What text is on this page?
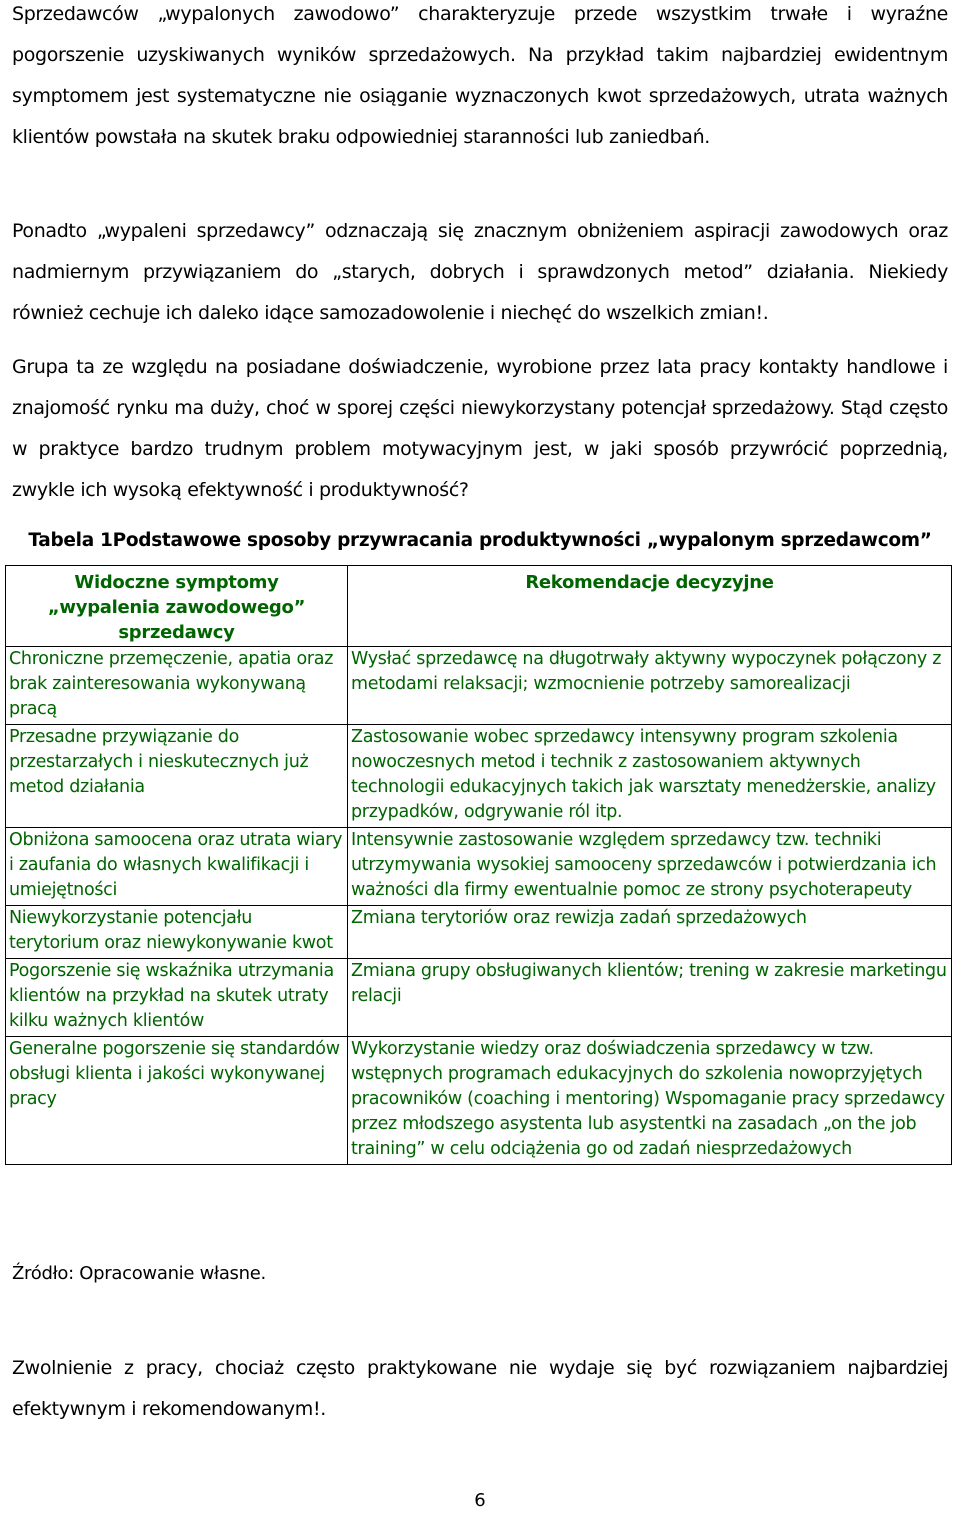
Sprzedawców „wypalonych zawodowo” charakteryzuje przede wszystkim trwałe i wyraźne pogorszenie uzyskiwanych wyników sprzedażowych. Na przykład takim najbardziej ewidentnym symptomem jest systematyczne nie osiąganie wyznaczonych kwot sprzedażowych, utrata ważnych klientów powstała na skutek braku odpowiedniej staranności lub zaniedbań.

Ponadto „wypaleni sprzedawcy” odznaczają się znacznym obniżeniem aspiracji zawodowych oraz nadmiernym przywiązaniem do „starych, dobrych i sprawdzonych metod” działania. Niekiedy również cechuje ich daleko idące samozadowolenie i niechęć do wszelkich zmian!.

Grupa ta ze względu na posiadane doświadczenie, wyrobione przez lata pracy kontakty handlowe i znajomość rynku ma duży, choć w sporej części niewykorzystany potencjał sprzedażowy. Stąd często w praktyce bardzo trudnym problem motywacyjnym jest, w jaki sposób przywrócić poprzednią, zwykle ich wysoką efektywność i produktywność?

Tabela 1Podstawowe sposoby przywracania produktywności „wypalonym sprzedawcom”

Widoczne symptomy „wypalenia zawodowego” sprzedawcy	Rekomendacje decyzyjne
Chroniczne przemęczenie, apatia oraz brak zainteresowania wykonywaną pracą	Wysłać sprzedawcę na długotrwały aktywny wypoczynek połączony z metodami relaksacji; wzmocnienie potrzeby samorealizacji
Przesadne przywiązanie do przestarzałych i nieskutecznych już metod działania	Zastosowanie wobec sprzedawcy intensywny program szkolenia nowoczesnych metod i technik z zastosowaniem aktywnych technologii edukacyjnych takich jak warsztaty menedżerskie, analizy przypadków, odgrywanie ról itp.
Obniżona samoocena oraz utrata wiary i zaufania do własnych kwalifikacji i umiejętności	Intensywnie zastosowanie względem sprzedawcy tzw. techniki utrzymywania wysokiej samooceny sprzedawców i potwierdzania ich ważności dla firmy ewentualnie pomoc ze strony psychoterapeuty
Niewykorzystanie potencjału terytorium oraz niewykonywanie kwot	Zmiana terytoriów oraz rewizja zadań sprzedażowych
Pogorszenie się wskaźnika utrzymania klientów na przykład na skutek utraty kilku ważnych klientów	Zmiana grupy obsługiwanych klientów; trening w zakresie marketingu relacji
Generalne pogorszenie się standardów obsługi klienta i jakości wykonywanej pracy	Wykorzystanie wiedzy oraz doświadczenia sprzedawcy w tzw. wstępnych programach edukacyjnych do szkolenia nowoprzyjętych pracowników (coaching i mentoring) Wspomaganie pracy sprzedawcy przez młodszego asystenta lub asystentki na zasadach „on the job training” w celu odciążenia go od zadań niesprzedażowych

Źródło: Opracowanie własne.

Zwolnienie z pracy, chociaż często praktykowane nie wydaje się być rozwiązaniem najbardziej efektywnym i rekomendowanym!.

6
